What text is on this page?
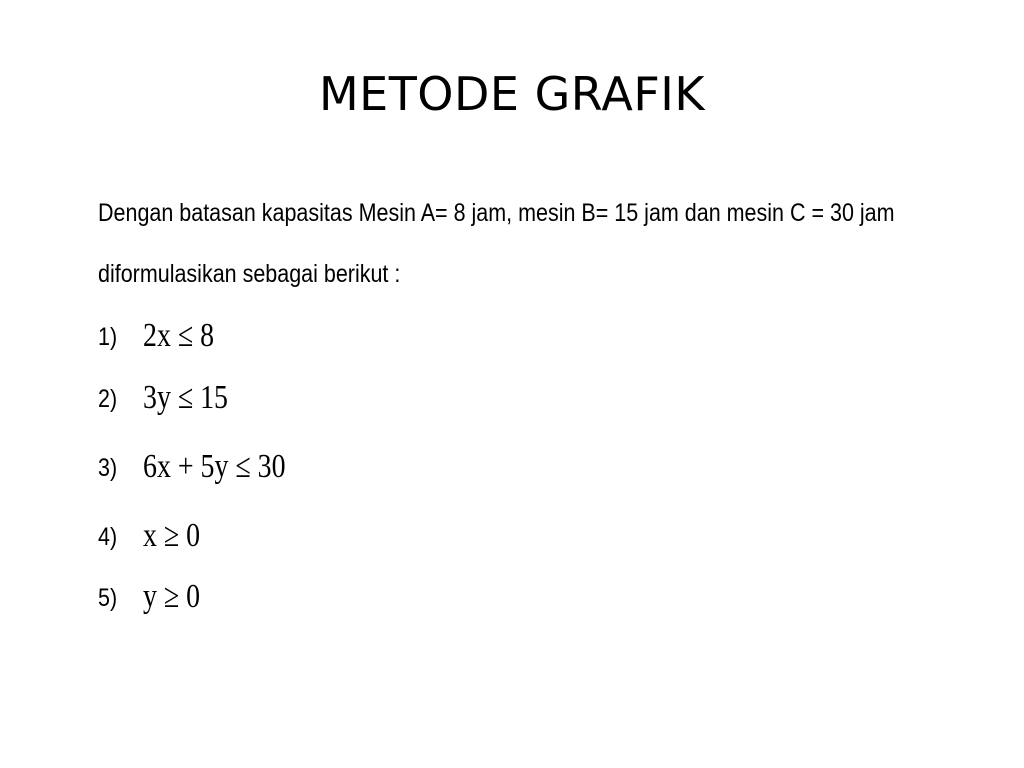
METODE GRAFIK
Dengan batasan kapasitas Mesin A= 8 jam, mesin B= 15 jam dan mesin C = 30 jam
diformulasikan sebagai berikut :
1) 2x ≤ 8
2) 3y ≤ 15
3) 6x + 5y ≤ 30
4) x ≥ 0
5) y ≥ 0
